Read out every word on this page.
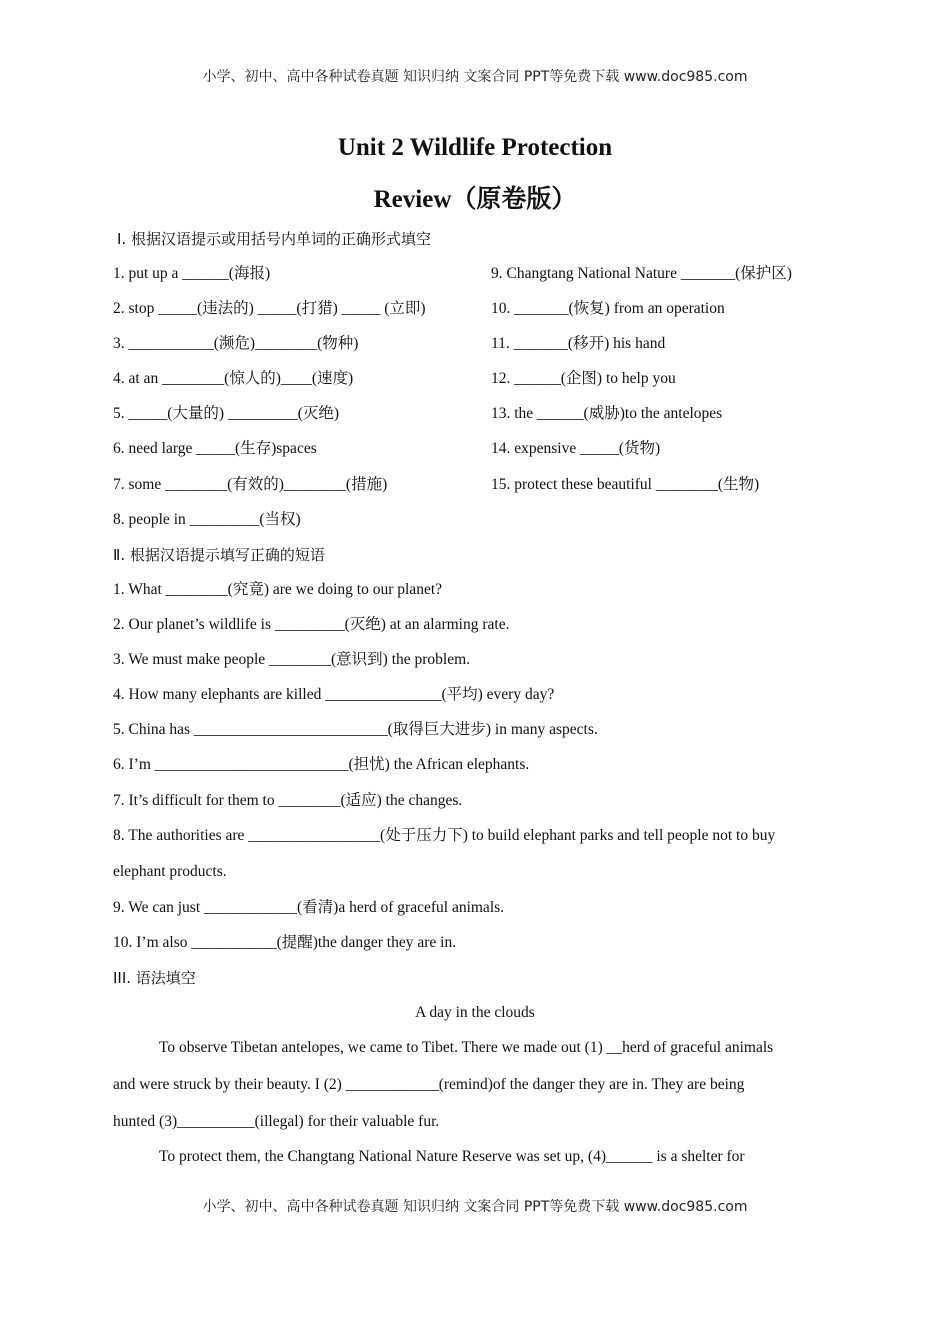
小学、初中、高中各种试卷真题 知识归纳 文案合同 PPT等免费下载 www.doc985.com
Unit 2 Wildlife Protection
Review（原卷版）
Ⅰ. 根据汉语提示或用括号内单词的正确形式填空
1. put up a ______(海报)
2. stop _____(违法的) _____(打猎) _____ (立即)
3. ___________(濒危)________(物种)
4. at an ________(惊人的)____(速度)
5. _____(大量的) _________(灭绝)
6. need large _____(生存)spaces
7. some ________(有效的)________(措施)
8. people in _________(当权)
9. Changtang National Nature _______(保护区)
10. _______(恢复) from an operation
11. _______(移开) his hand
12. ______(企图) to help you
13. the ______(威胁)to the antelopes
14. expensive _____(货物)
15. protect these beautiful ________(生物)
Ⅱ. 根据汉语提示填写正确的短语
1. What ________(究竟) are we doing to our planet?
2. Our planet’s wildlife is _________(灭绝) at an alarming rate.
3. We must make people ________(意识到) the problem.
4. How many elephants are killed _______________(平均) every day?
5. China has _________________________(取得巨大进步) in many aspects.
6. I’m _________________________(担忧) the African elephants.
7. It’s difficult for them to ________(适应) the changes.
8. The authorities are _________________(处于压力下) to build elephant parks and tell people not to buy
elephant products.
9. We can just ____________(看清)a herd of graceful animals.
10. I’m also ___________(提醒)the danger they are in.
III. 语法填空
A day in the clouds
To observe Tibetan antelopes, we came to Tibet. There we made out (1) __herd of graceful animals
and were struck by their beauty. I (2) ____________(remind)of the danger they are in. They are being
hunted (3)__________(illegal) for their valuable fur.
To protect them, the Changtang National Nature Reserve was set up, (4)______ is a shelter for
小学、初中、高中各种试卷真题 知识归纳 文案合同 PPT等免费下载 www.doc985.com
